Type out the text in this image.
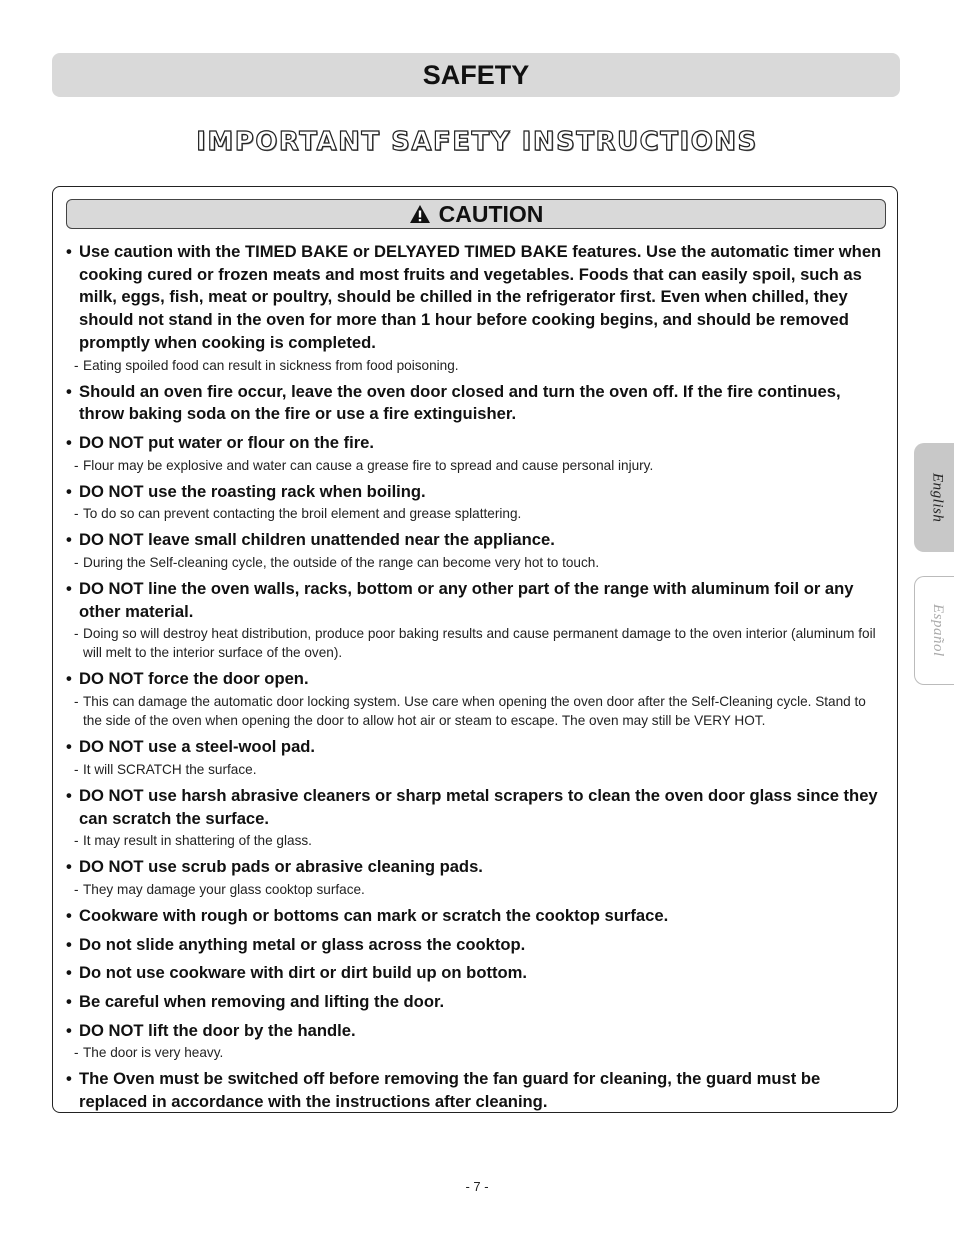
SAFETY
IMPORTANT SAFETY INSTRUCTIONS
CAUTION
• Use caution with the TIMED BAKE or DELYAYED TIMED BAKE features. Use the automatic timer when cooking cured or frozen meats and most fruits and vegetables. Foods that can easily spoil, such as milk, eggs, fish, meat or poultry, should be chilled in the refrigerator first. Even when chilled, they should not stand in the oven for more than 1 hour before cooking begins, and should be removed promptly when cooking is completed.
- Eating spoiled food can result in sickness from food poisoning.
• Should an oven fire occur, leave the oven door closed and turn the oven off. If the fire continues, throw baking soda on the fire or use a fire extinguisher.
• DO NOT put water or flour on the fire.
- Flour may be explosive and water can cause a grease fire to spread and cause personal injury.
• DO NOT use the roasting rack when boiling.
- To do so can prevent contacting the broil element and grease splattering.
• DO NOT leave small children unattended near the appliance.
- During the Self-cleaning cycle, the outside of the range can become very hot to touch.
• DO NOT line the oven walls, racks, bottom or any other part of the range with aluminum foil or any other material.
- Doing so will destroy heat distribution, produce poor baking results and cause permanent damage to the oven interior (aluminum foil will melt to the interior surface of the oven).
• DO NOT force the door open.
- This can damage the automatic door locking system. Use care when opening the oven door after the Self-Cleaning cycle. Stand to the side of the oven when opening the door to allow hot air or steam to escape. The oven may still be VERY HOT.
• DO NOT use a steel-wool pad.
- It will SCRATCH the surface.
• DO NOT use harsh abrasive cleaners or sharp metal scrapers to clean the oven door glass since they can scratch the surface.
- It may result in shattering of the glass.
• DO NOT use scrub pads or abrasive cleaning pads.
- They may damage your glass cooktop surface.
• Cookware with rough or bottoms can mark or scratch the cooktop surface.
• Do not slide anything metal or glass across the cooktop.
• Do not use cookware with dirt or dirt build up on bottom.
• Be careful when removing and lifting the door.
• DO NOT lift the door by the handle.
- The door is very heavy.
• The Oven must be switched off before removing the fan guard for cleaning, the guard must be replaced in accordance with the instructions after cleaning.
English
Español
- 7 -
